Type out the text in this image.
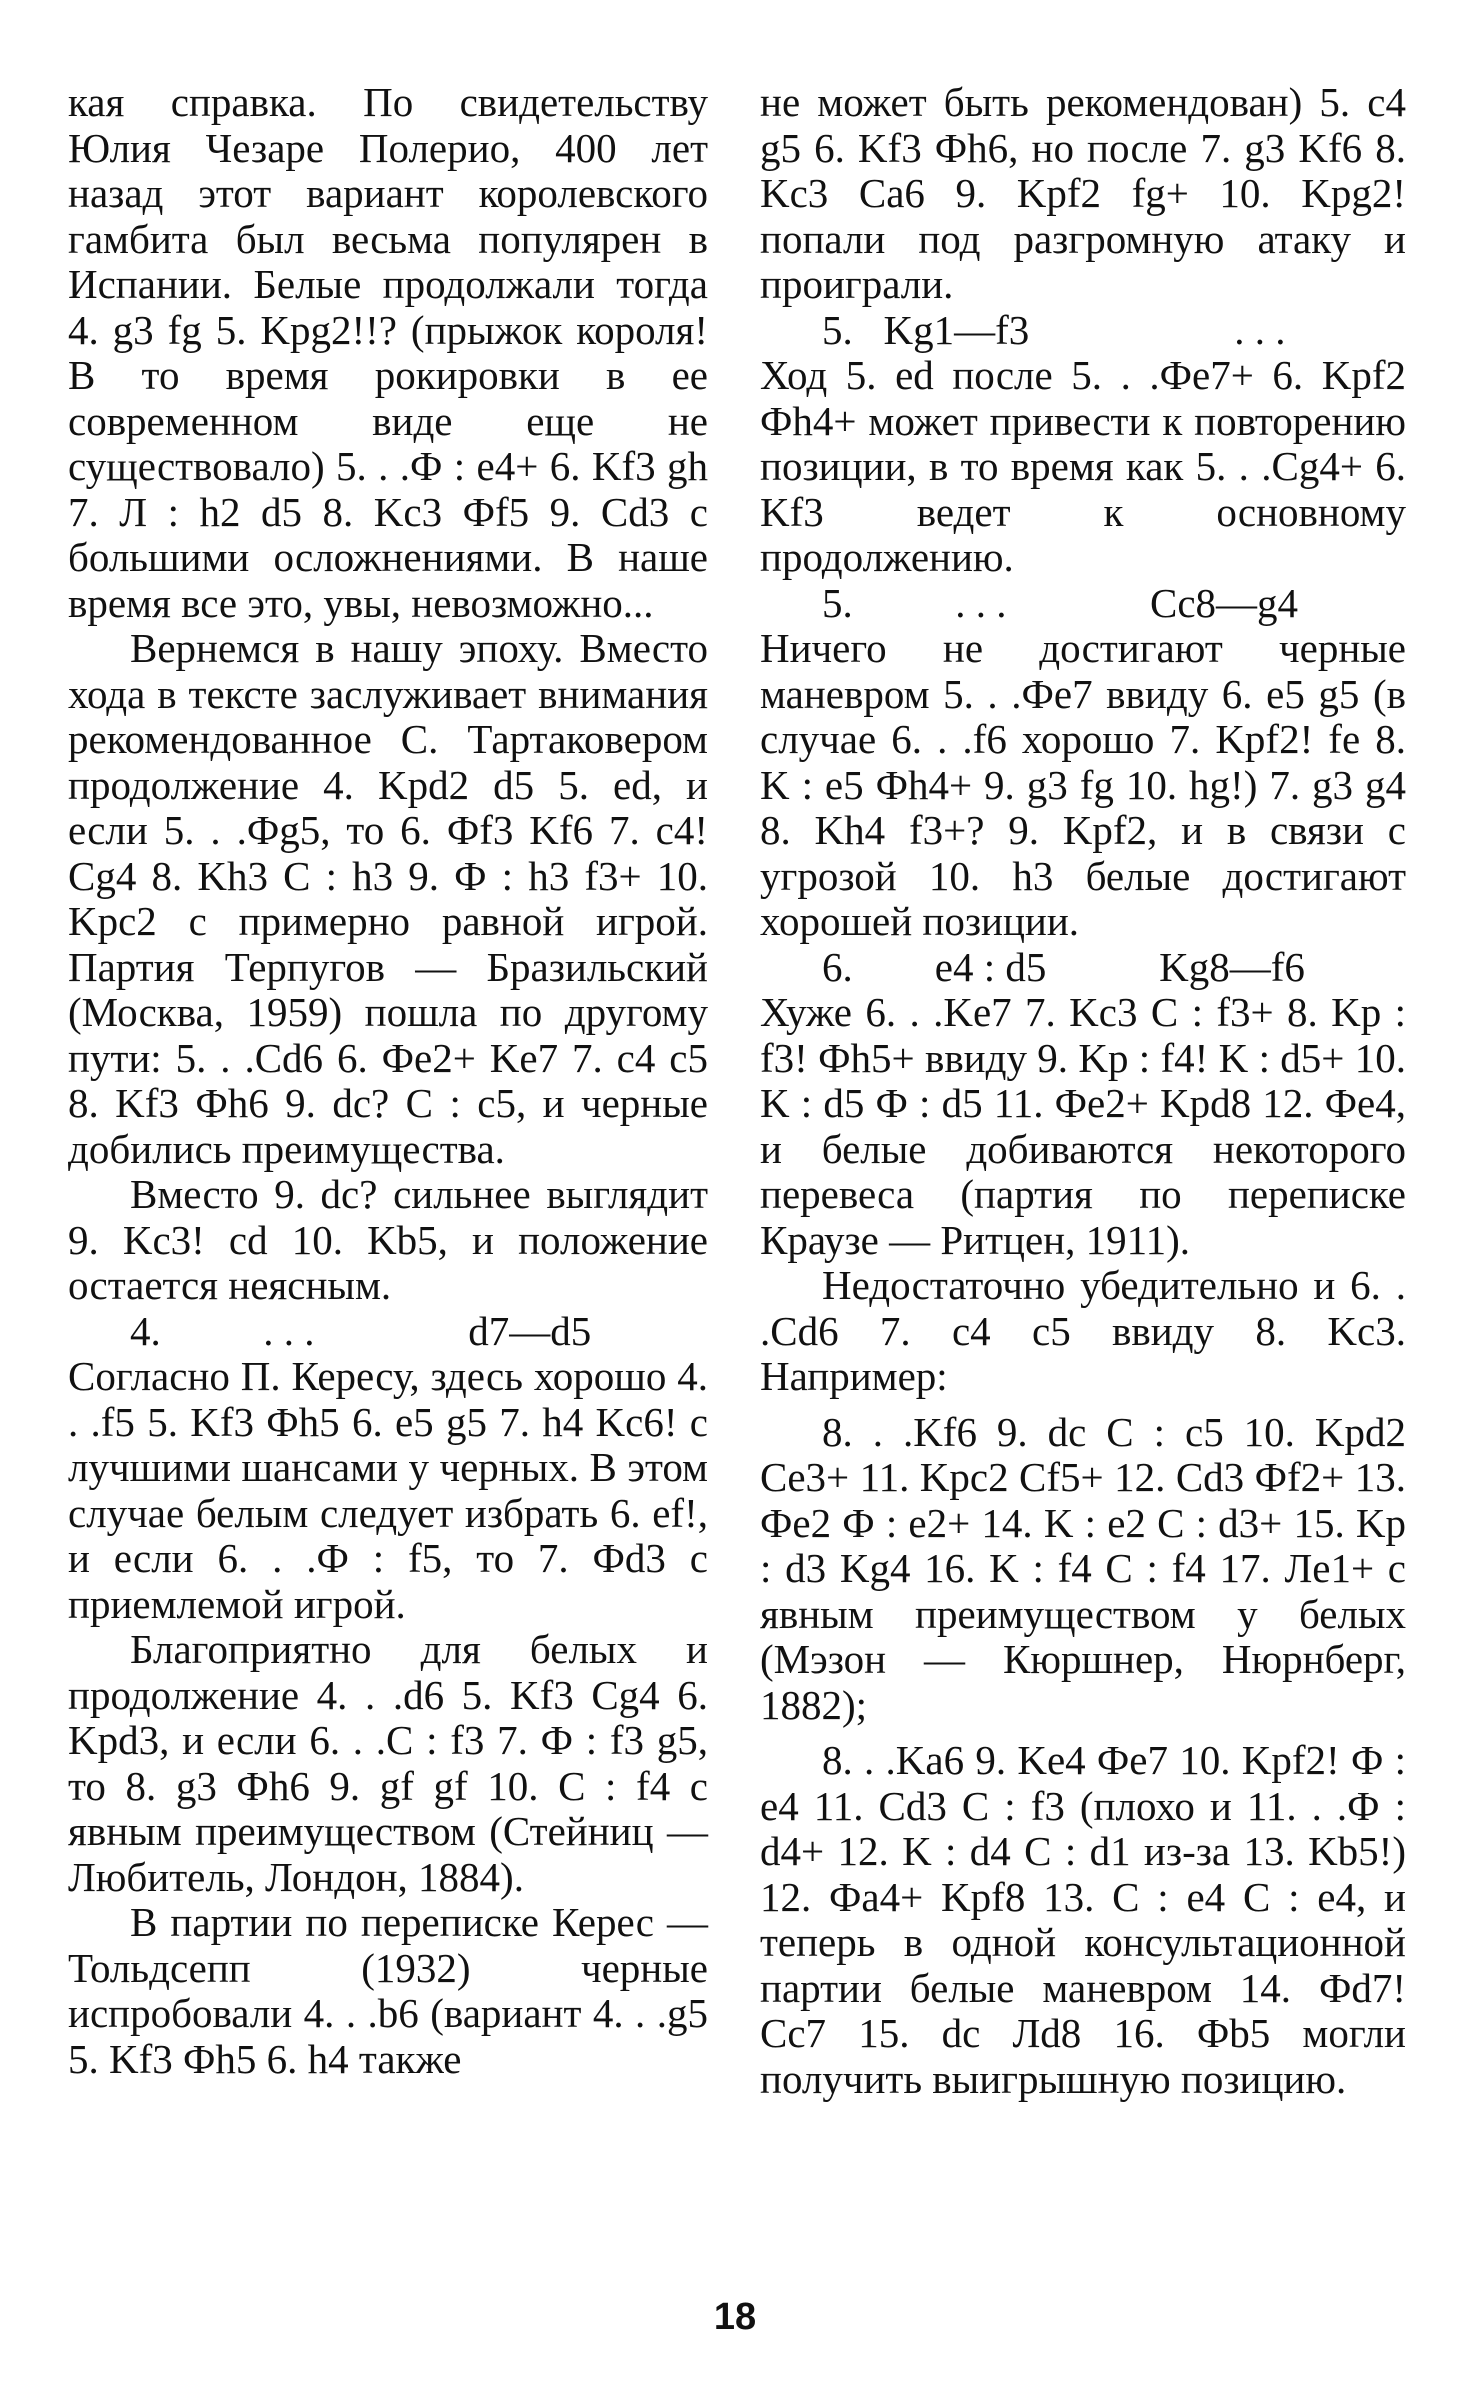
кая справка. По свидетельству Юлия Чезаре Полерио, 400 лет назад этот вариант королевского гамбита был весьма популярен в Испании. Белые продолжали тогда 4. g3 fg 5. Kpg2!!? (прыжок короля! В то время рокировки в ее современном виде еще не существовало) 5. . .Ф : e4+ 6. Kf3 gh 7. Л : h2 d5 8. Kc3 Фf5 9. Cd3 с большими осложнениями. В наше время все это, увы, невозможно...

Вернемся в нашу эпоху. Вместо хода в тексте заслуживает внимания рекомендованное С. Тартаковером продолжение 4. Kpd2 d5 5. ed, и если 5. . .Фg5, то 6. Фf3 Kf6 7. c4! Cg4 8. Kh3 C : h3 9. Ф : h3 f3+ 10. Kpc2 с примерно равной игрой. Партия Терпугов — Бразильский (Москва, 1959) пошла по другому пути: 5. . .Cd6 6. Фe2+ Ke7 7. c4 c5 8. Kf3 Фh6 9. dc? C : c5, и черные добились преимущества.

Вместо 9. dc? сильнее выглядит 9. Kc3! cd 10. Kb5, и положение остается неясным.

4.          . . .               d7—d5

Согласно П. Кересу, здесь хорошо 4. . .f5 5. Kf3 Фh5 6. e5 g5 7. h4 Kc6! с лучшими шансами у черных. В этом случае белым следует избрать 6. ef!, и если 6. . .Ф : f5, то 7. Фd3 с приемлемой игрой.

Благоприятно для белых и продолжение 4. . .d6 5. Kf3 Cg4 6. Kpd3, и если 6. . .C : f3 7. Ф : f3 g5, то 8. g3 Фh6 9. gf gf 10. C : f4 с явным преимуществом (Стейниц — Любитель, Лондон, 1884).

В партии по переписке Керес — Тольдсепп (1932) черные испробовали 4. . .b6 (вариант 4. . .g5 5. Kf3 Фh5 6. h4 также

не может быть рекомендован) 5. c4 g5 6. Kf3 Фh6, но после 7. g3 Kf6 8. Kc3 Ca6 9. Kpf2 fg+ 10. Kpg2! попали под разгромную атаку и проиграли.

5.   Kg1—f3                    . . .

Ход 5. ed после 5. . .Фe7+ 6. Kpf2 Фh4+ может привести к повторению позиции, в то время как 5. . .Cg4+ 6. Kf3 ведет к основному продолжению.

5.          . . .              Cc8—g4

Ничего не достигают черные маневром 5. . .Фe7 ввиду 6. e5 g5 (в случае 6. . .f6 хорошо 7. Kpf2! fe 8. K : e5 Фh4+ 9. g3 fg 10. hg!) 7. g3 g4 8. Kh4 f3+? 9. Kpf2, и в связи с угрозой 10. h3 белые достигают хорошей позиции.

6.        e4 : d5           Kg8—f6

Хуже 6. . .Ke7 7. Kc3 C : f3+ 8. Kp : f3! Фh5+ ввиду 9. Kp : f4! K : d5+ 10. K : d5 Ф : d5 11. Фe2+ Kpd8 12. Фe4, и белые добиваются некоторого перевеса (партия по переписке Краузе — Ритцен, 1911).

Недостаточно убедительно и 6. . .Cd6 7. c4 c5 ввиду 8. Kc3. Например:

8. . .Kf6 9. dc C : c5 10. Kpd2 Ce3+ 11. Kpc2 Cf5+ 12. Cd3 Фf2+ 13. Фe2 Ф : e2+ 14. K : e2 C : d3+ 15. Kp : d3 Kg4 16. K : f4 C : f4 17. Лe1+ с явным преимуществом у белых (Мэзон — Кюршнер, Нюрнберг, 1882);

8. . .Ka6 9. Ke4 Фe7 10. Kpf2! Ф : e4 11. Cd3 C : f3 (плохо и 11. . .Ф : d4+ 12. K : d4 C : d1 из-за 13. Kb5!) 12. Фa4+ Kpf8 13. C : e4 C : e4, и теперь в одной консультационной партии белые маневром 14. Фd7! Cc7 15. dc Лd8 16. Фb5 могли получить выигрышную позицию.

18
